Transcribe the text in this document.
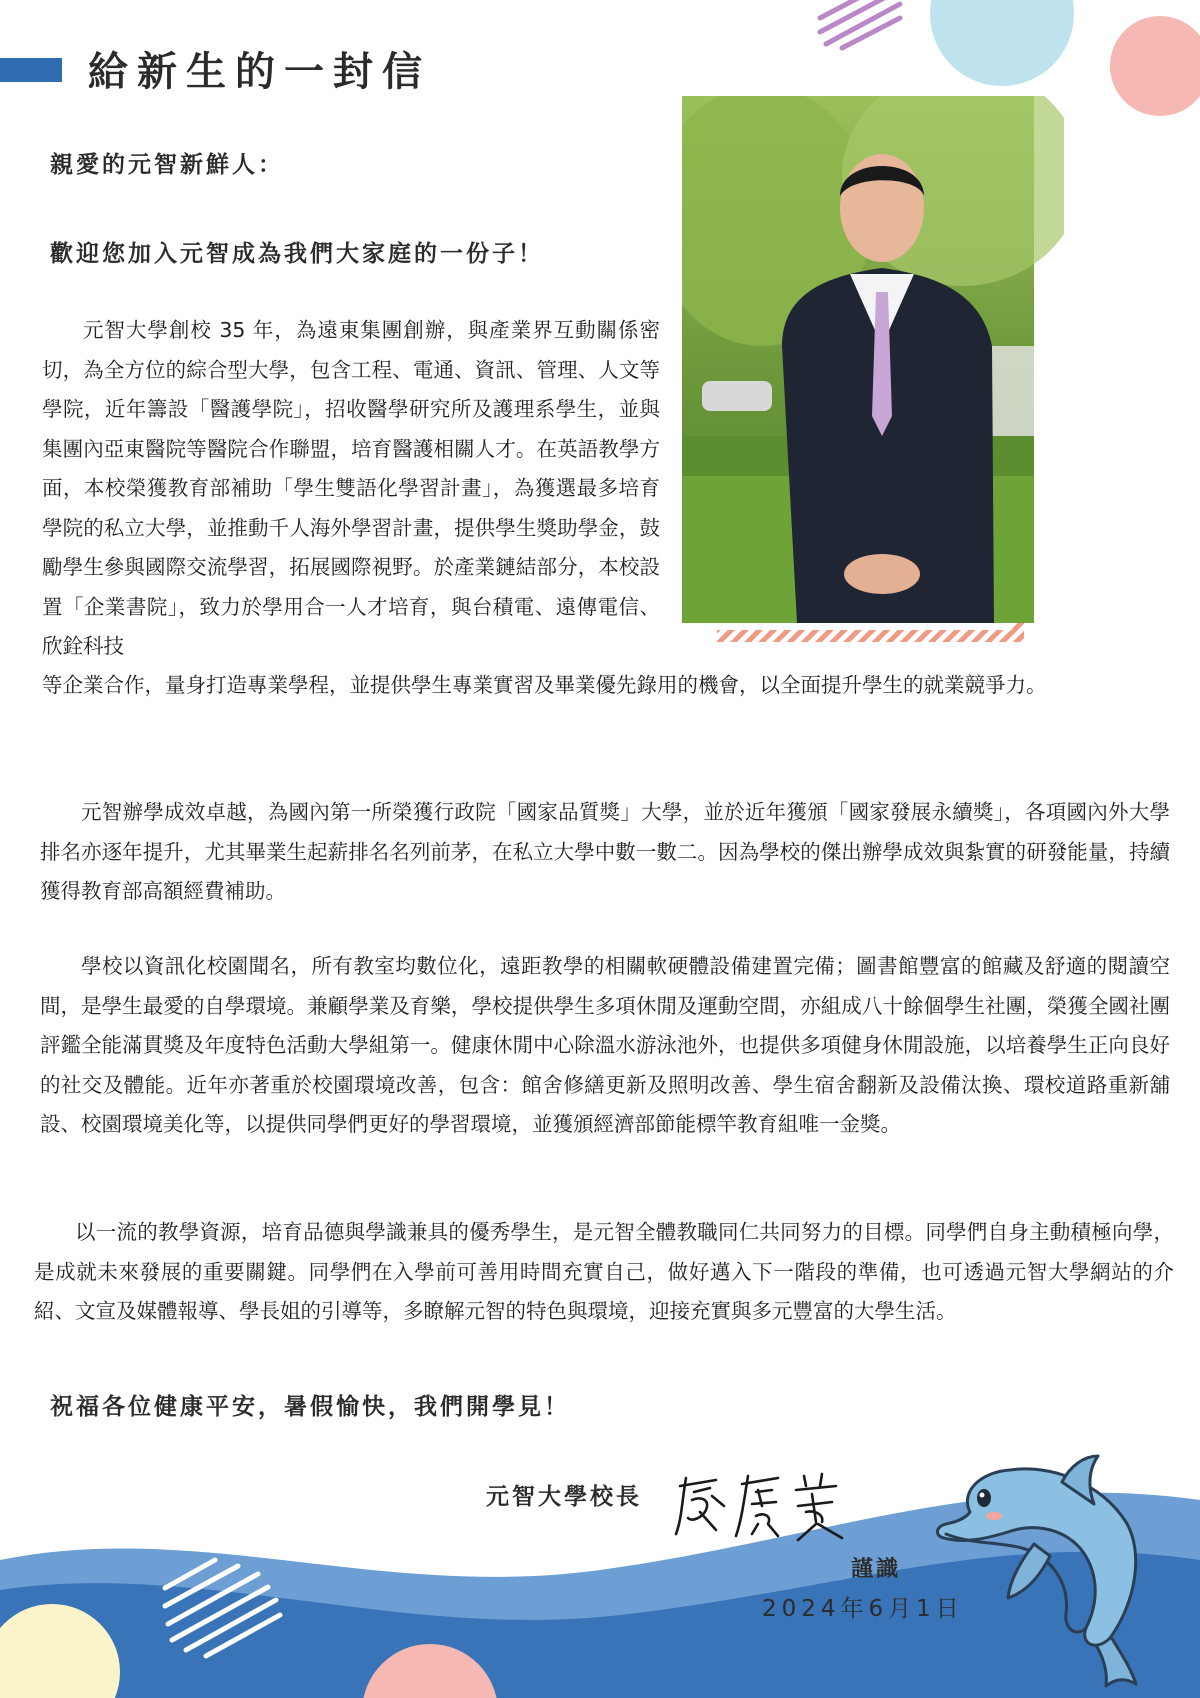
給新生的一封信

親愛的元智新鮮人：

歡迎您加入元智成為我們大家庭的一份子！

元智大學創校 35 年，為遠東集團創辦，與產業界互動關係密切，為全方位的綜合型大學，包含工程、電通、資訊、管理、人文等學院，近年籌設「醫護學院」，招收醫學研究所及護理系學生，並與集團內亞東醫院等醫院合作聯盟，培育醫護相關人才。在英語教學方面，本校榮獲教育部補助「學生雙語化學習計畫」，為獲選最多培育學院的私立大學，並推動千人海外學習計畫，提供學生獎助學金，鼓勵學生參與國際交流學習，拓展國際視野。於產業鏈結部分，本校設置「企業書院」，致力於學用合一人才培育，與台積電、遠傳電信、欣銓科技

等企業合作，量身打造專業學程，並提供學生專業實習及畢業優先錄用的機會，以全面提升學生的就業競爭力。

元智辦學成效卓越，為國內第一所榮獲行政院「國家品質獎」大學，並於近年獲頒「國家發展永續獎」，各項國內外大學排名亦逐年提升，尤其畢業生起薪排名名列前茅，在私立大學中數一數二。因為學校的傑出辦學成效與紮實的研發能量，持續獲得教育部高額經費補助。

學校以資訊化校園聞名，所有教室均數位化，遠距教學的相關軟硬體設備建置完備；圖書館豐富的館藏及舒適的閱讀空間，是學生最愛的自學環境。兼顧學業及育樂，學校提供學生多項休閒及運動空間，亦組成八十餘個學生社團，榮獲全國社團評鑑全能滿貫獎及年度特色活動大學組第一。健康休閒中心除溫水游泳池外，也提供多項健身休閒設施，以培養學生正向良好的社交及體能。近年亦著重於校園環境改善，包含：館舍修繕更新及照明改善、學生宿舍翻新及設備汰換、環校道路重新舖設、校園環境美化等，以提供同學們更好的學習環境，並獲頒經濟部節能標竿教育組唯一金獎。

以一流的教學資源，培育品德與學識兼具的優秀學生，是元智全體教職同仁共同努力的目標。同學們自身主動積極向學，是成就未來發展的重要關鍵。同學們在入學前可善用時間充實自己，做好邁入下一階段的準備，也可透過元智大學網站的介紹、文宣及媒體報導、學長姐的引導等，多瞭解元智的特色與環境，迎接充實與多元豐富的大學生活。

祝福各位健康平安，暑假愉快，我們開學見！

元智大學校長
謹識
2024年6月1日
